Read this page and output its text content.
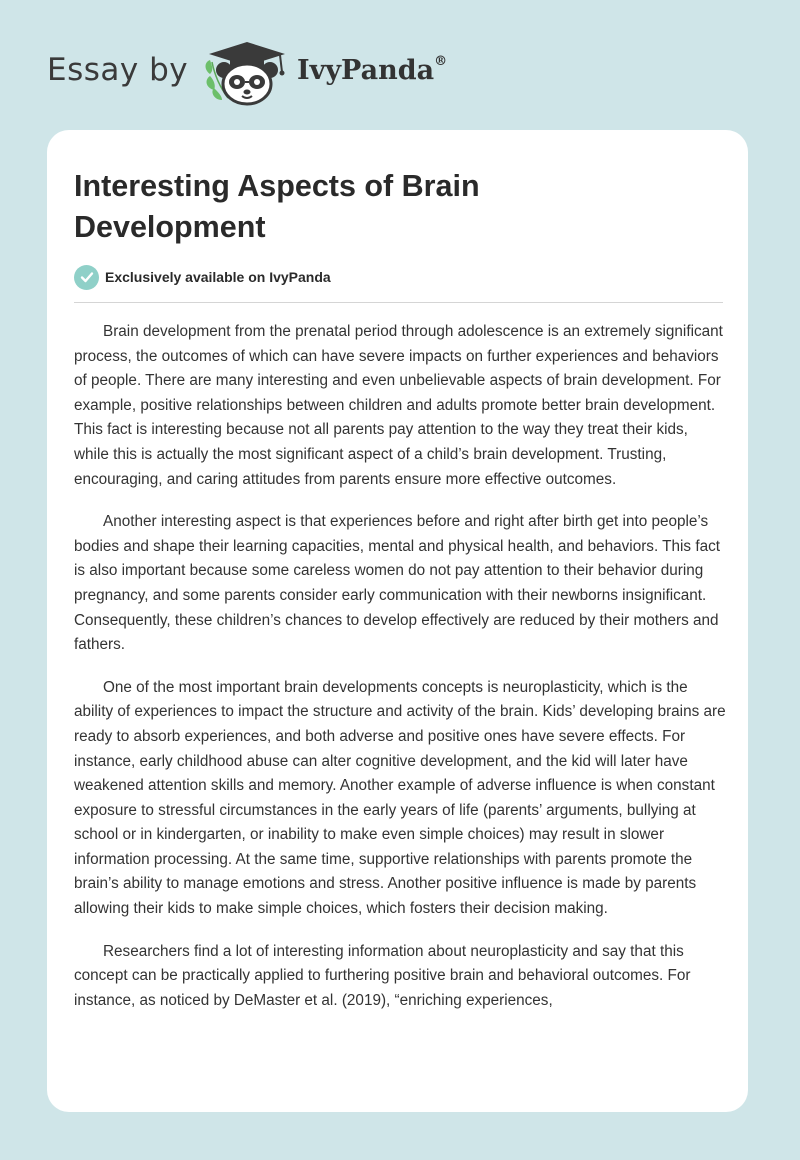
Essay by	IvyPanda®
Interesting Aspects of Brain Development
Exclusively available on IvyPanda

Brain development from the prenatal period through adolescence is an extremely significant process, the outcomes of which can have severe impacts on further experiences and behaviors of people. There are many interesting and even unbelievable aspects of brain development. For example, positive relationships between children and adults promote better brain development. This fact is interesting because not all parents pay attention to the way they treat their kids, while this is actually the most significant aspect of a child’s brain development. Trusting, encouraging, and caring attitudes from parents ensure more effective outcomes.

Another interesting aspect is that experiences before and right after birth get into people’s bodies and shape their learning capacities, mental and physical health, and behaviors. This fact is also important because some careless women do not pay attention to their behavior during pregnancy, and some parents consider early communication with their newborns insignificant. Consequently, these children’s chances to develop effectively are reduced by their mothers and fathers.

One of the most important brain developments concepts is neuroplasticity, which is the ability of experiences to impact the structure and activity of the brain. Kids’ developing brains are ready to absorb experiences, and both adverse and positive ones have severe effects. For instance, early childhood abuse can alter cognitive development, and the kid will later have weakened attention skills and memory. Another example of adverse influence is when constant exposure to stressful circumstances in the early years of life (parents’ arguments, bullying at school or in kindergarten, or inability to make even simple choices) may result in slower information processing. At the same time, supportive relationships with parents promote the brain’s ability to manage emotions and stress. Another positive influence is made by parents allowing their kids to make simple choices, which fosters their decision making.

Researchers find a lot of interesting information about neuroplasticity and say that this concept can be practically applied to furthering positive brain and behavioral outcomes. For instance, as noticed by DeMaster et al. (2019), “enriching experiences,
